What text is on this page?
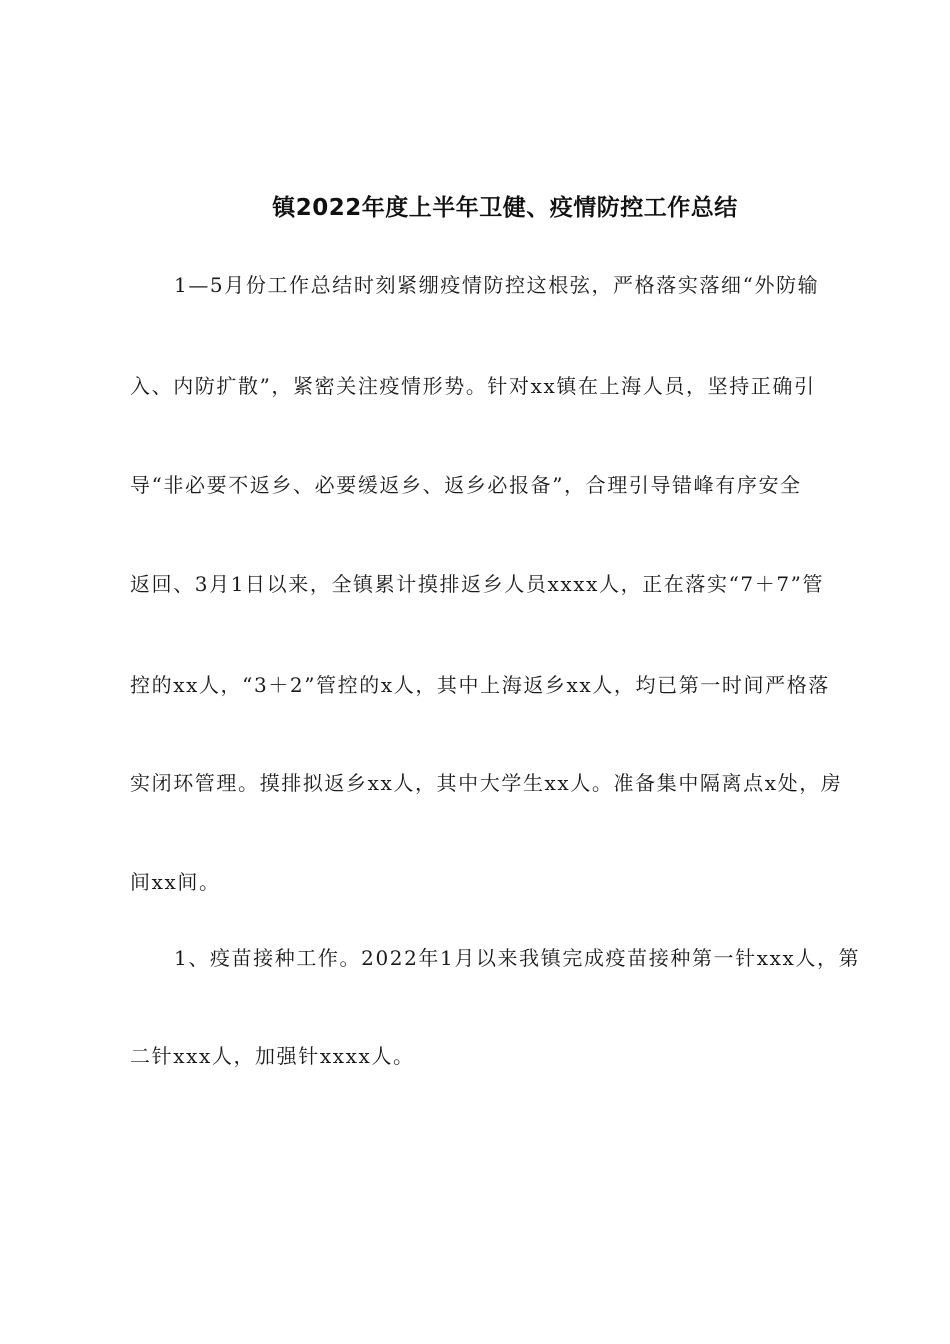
镇2022年度上半年卫健、疫情防控工作总结
1—5月份工作总结时刻紧绷疫情防控这根弦，严格落实落细“外防输
入、内防扩散”，紧密关注疫情形势。针对xx镇在上海人员，坚持正确引
导“非必要不返乡、必要缓返乡、返乡必报备”，合理引导错峰有序安全
返回、3月1日以来，全镇累计摸排返乡人员xxxx人，正在落实“7＋7”管
控的xx人，“3＋2”管控的x人，其中上海返乡xx人，均已第一时间严格落
实闭环管理。摸排拟返乡xx人，其中大学生xx人。准备集中隔离点x处，房
间xx间。
1、疫苗接种工作。2022年1月以来我镇完成疫苗接种第一针xxx人，第
二针xxx人，加强针xxxx人。
